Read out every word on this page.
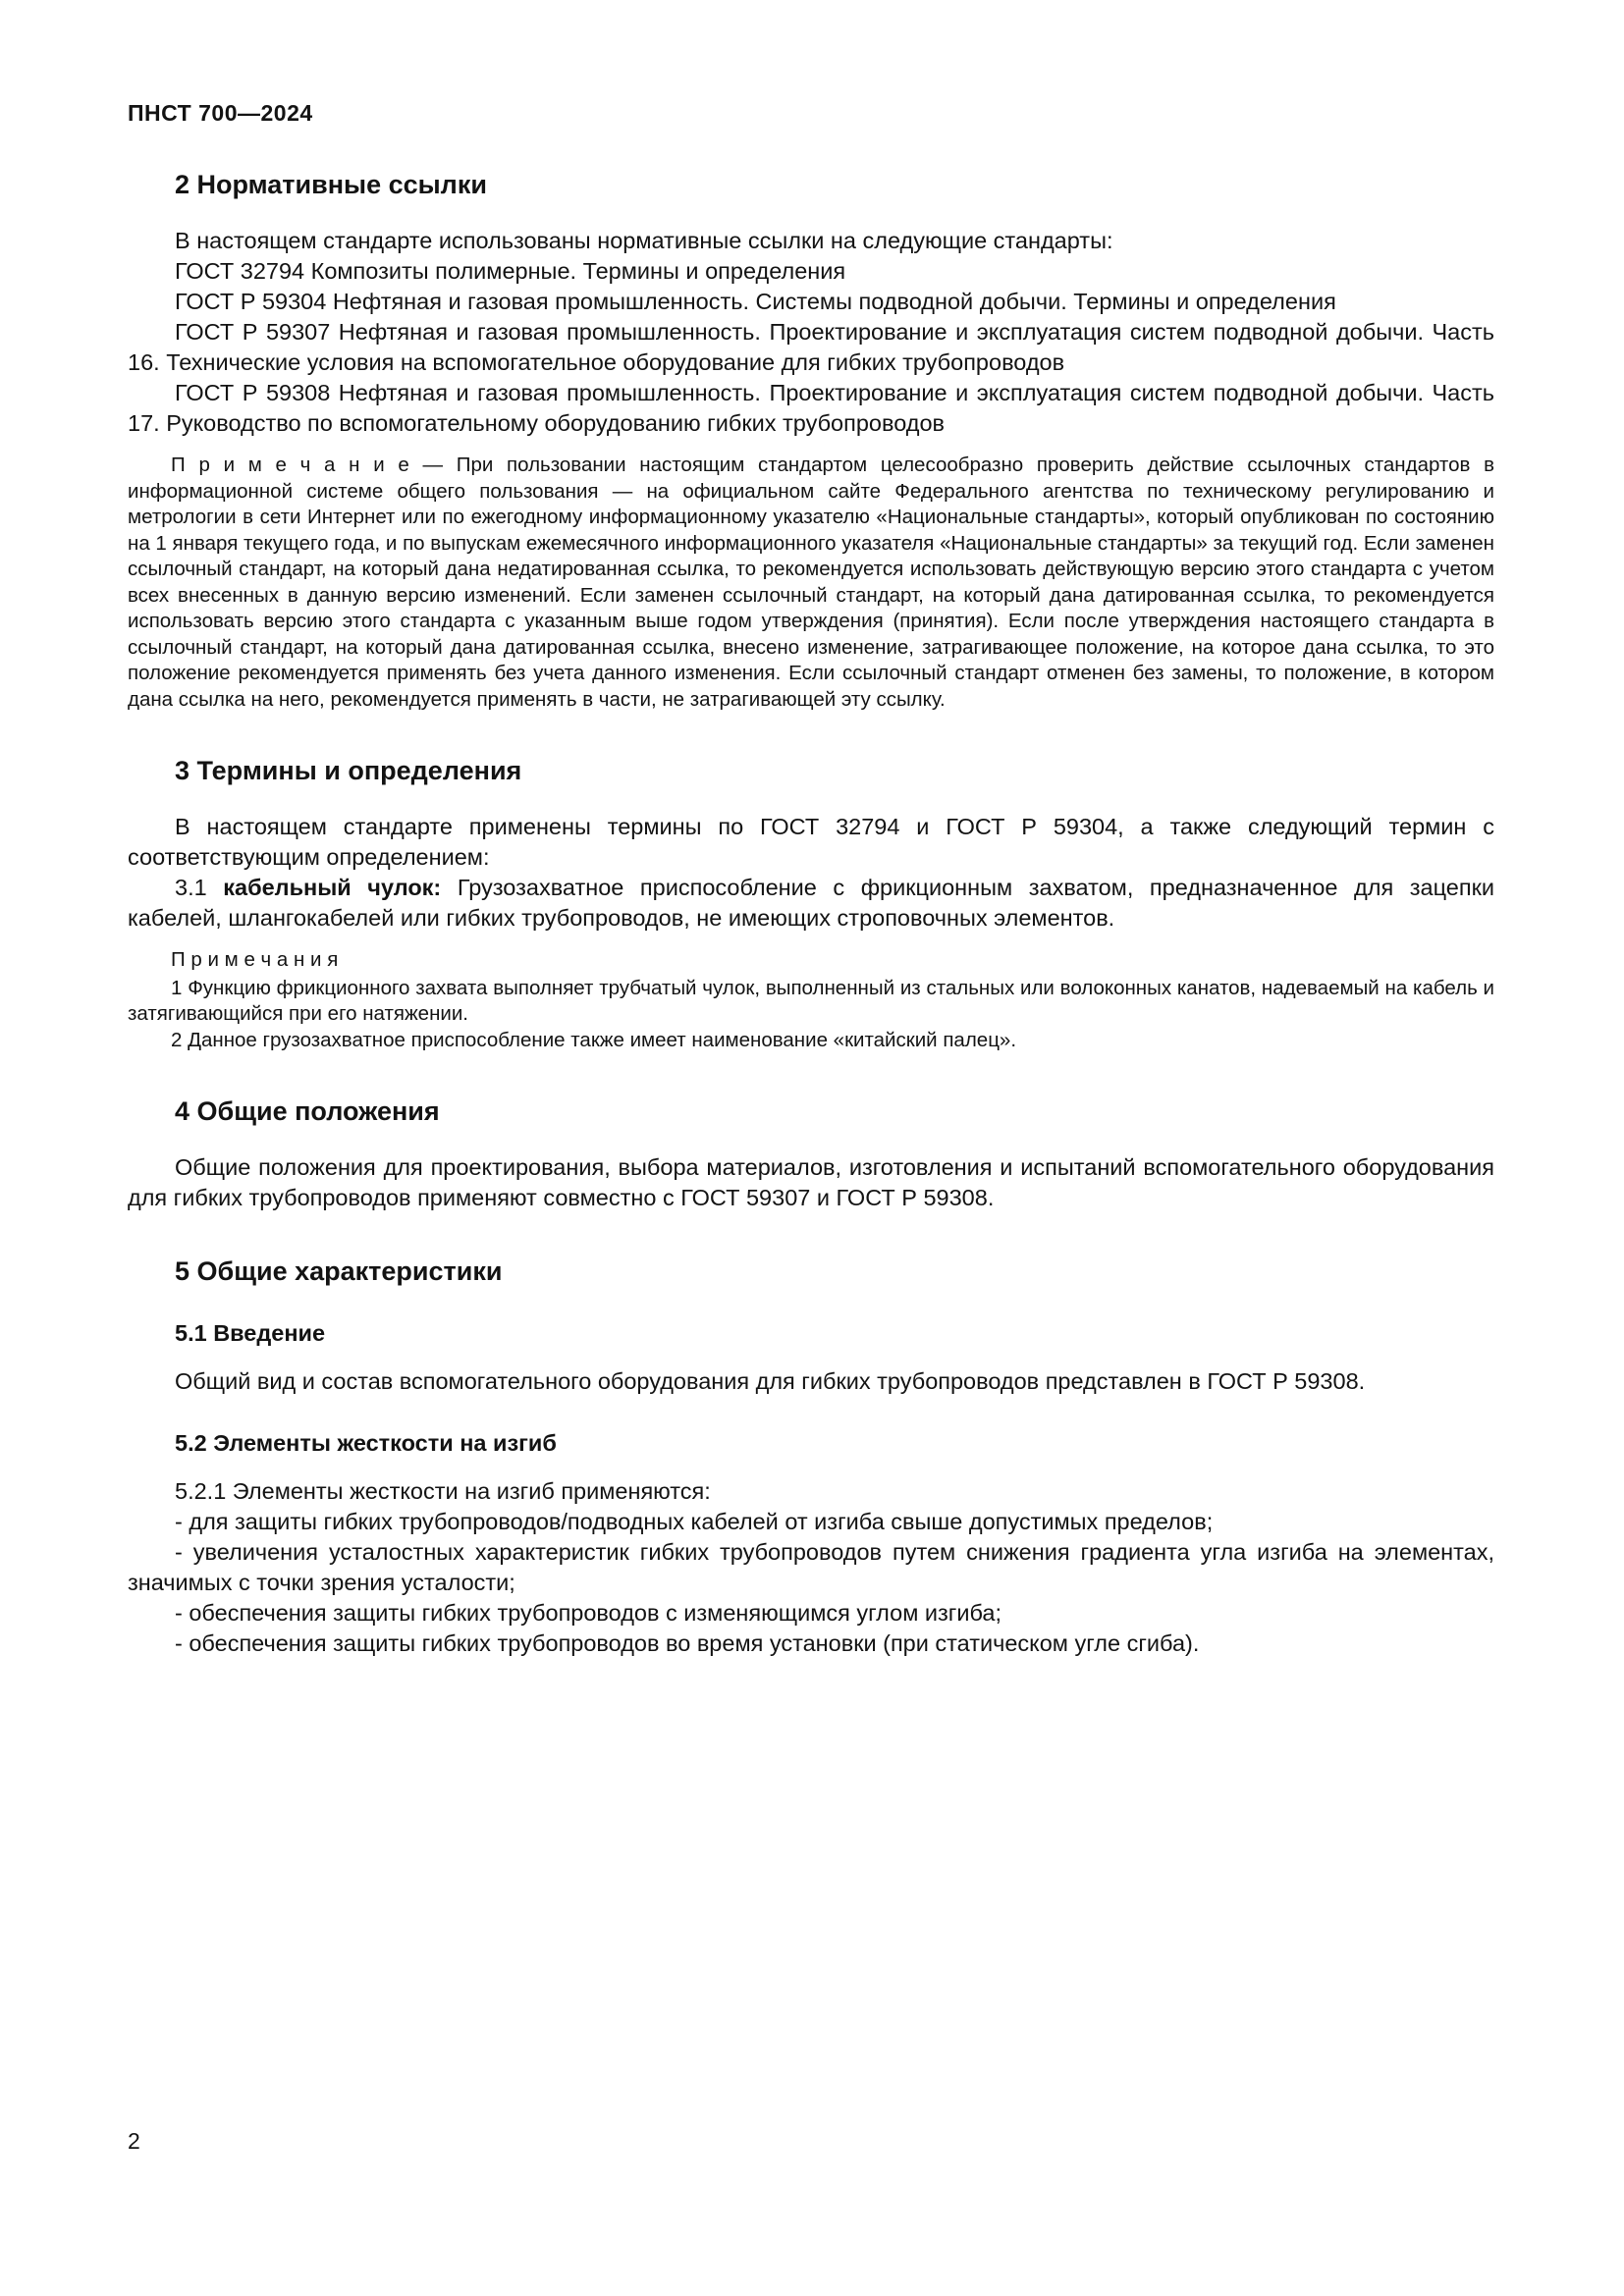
ПНСТ 700—2024
2 Нормативные ссылки

В настоящем стандарте использованы нормативные ссылки на следующие стандарты:

ГОСТ 32794 Композиты полимерные. Термины и определения

ГОСТ Р 59304 Нефтяная и газовая промышленность. Системы подводной добычи. Термины и определения

ГОСТ Р 59307 Нефтяная и газовая промышленность. Проектирование и эксплуатация систем подводной добычи. Часть 16. Технические условия на вспомогательное оборудование для гибких трубопроводов

ГОСТ Р 59308 Нефтяная и газовая промышленность. Проектирование и эксплуатация систем подводной добычи. Часть 17. Руководство по вспомогательному оборудованию гибких трубопроводов

П р и м е ч а н и е — При пользовании настоящим стандартом целесообразно проверить действие ссылочных стандартов в информационной системе общего пользования — на официальном сайте Федерального агентства по техническому регулированию и метрологии в сети Интернет или по ежегодному информационному указателю «Национальные стандарты», который опубликован по состоянию на 1 января текущего года, и по выпускам ежемесячного информационного указателя «Национальные стандарты» за текущий год. Если заменен ссылочный стандарт, на который дана недатированная ссылка, то рекомендуется использовать действующую версию этого стандарта с учетом всех внесенных в данную версию изменений. Если заменен ссылочный стандарт, на который дана датированная ссылка, то рекомендуется использовать версию этого стандарта с указанным выше годом утверждения (принятия). Если после утверждения настоящего стандарта в ссылочный стандарт, на который дана датированная ссылка, внесено изменение, затрагивающее положение, на которое дана ссылка, то это положение рекомендуется применять без учета данного изменения. Если ссылочный стандарт отменен без замены, то положение, в котором дана ссылка на него, рекомендуется применять в части, не затрагивающей эту ссылку.

3 Термины и определения

В настоящем стандарте применены термины по ГОСТ 32794 и ГОСТ Р 59304, а также следующий термин с соответствующим определением:

3.1 кабельный чулок: Грузозахватное приспособление с фрикционным захватом, предназначенное для зацепки кабелей, шлангокабелей или гибких трубопроводов, не имеющих строповочных элементов.

П р и м е ч а н и я

1 Функцию фрикционного захвата выполняет трубчатый чулок, выполненный из стальных или волоконных канатов, надеваемый на кабель и затягивающийся при его натяжении.

2 Данное грузозахватное приспособление также имеет наименование «китайский палец».

4 Общие положения

Общие положения для проектирования, выбора материалов, изготовления и испытаний вспомогательного оборудования для гибких трубопроводов применяют совместно с ГОСТ 59307 и ГОСТ Р 59308.

5 Общие характеристики
5.1 Введение

Общий вид и состав вспомогательного оборудования для гибких трубопроводов представлен в ГОСТ Р 59308.

5.2 Элементы жесткости на изгиб

5.2.1 Элементы жесткости на изгиб применяются:

- для защиты гибких трубопроводов/подводных кабелей от изгиба свыше допустимых пределов;

- увеличения усталостных характеристик гибких трубопроводов путем снижения градиента угла изгиба на элементах, значимых с точки зрения усталости;

- обеспечения защиты гибких трубопроводов с изменяющимся углом изгиба;

- обеспечения защиты гибких трубопроводов во время установки (при статическом угле сгиба).

2
